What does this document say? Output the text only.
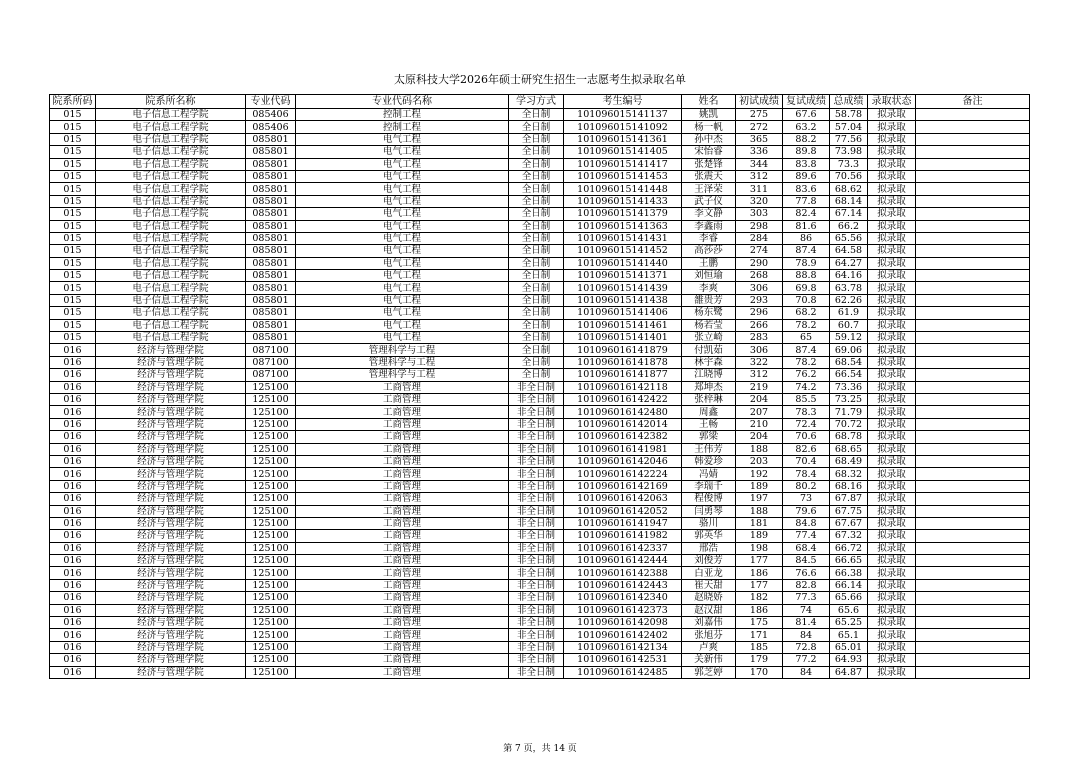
太原科技大学2026年硕士研究生招生一志愿考生拟录取名单
院系所码	院系所名称	专业代码	专业代码名称	学习方式	考生编号	姓名	初试成绩	复试成绩	总成绩	录取状态	备注
015	电子信息工程学院	085406	控制工程	全日制	101096015141137	姚凯	275	67.6	58.78	拟录取	
015	电子信息工程学院	085406	控制工程	全日制	101096015141092	杨一帆	272	63.2	57.04	拟录取	
015	电子信息工程学院	085801	电气工程	全日制	101096015141361	孙中杰	365	88.2	77.56	拟录取	
015	电子信息工程学院	085801	电气工程	全日制	101096015141405	宋怡睿	336	89.8	73.98	拟录取	
015	电子信息工程学院	085801	电气工程	全日制	101096015141417	张楚锋	344	83.8	73.3	拟录取	
015	电子信息工程学院	085801	电气工程	全日制	101096015141453	张震天	312	89.6	70.56	拟录取	
015	电子信息工程学院	085801	电气工程	全日制	101096015141448	王泽荣	311	83.6	68.62	拟录取	
015	电子信息工程学院	085801	电气工程	全日制	101096015141433	武子仪	320	77.8	68.14	拟录取	
015	电子信息工程学院	085801	电气工程	全日制	101096015141379	李文静	303	82.4	67.14	拟录取	
015	电子信息工程学院	085801	电气工程	全日制	101096015141363	李鑫雨	298	81.6	66.2	拟录取	
015	电子信息工程学院	085801	电气工程	全日制	101096015141431	李睿	284	86	65.56	拟录取	
015	电子信息工程学院	085801	电气工程	全日制	101096015141452	高莎莎	274	87.4	64.58	拟录取	
015	电子信息工程学院	085801	电气工程	全日制	101096015141440	王鹏	290	78.9	64.27	拟录取	
015	电子信息工程学院	085801	电气工程	全日制	101096015141371	刘恒瑜	268	88.8	64.16	拟录取	
015	电子信息工程学院	085801	电气工程	全日制	101096015141439	李爽	306	69.8	63.78	拟录取	
015	电子信息工程学院	085801	电气工程	全日制	101096015141438	雒贵芳	293	70.8	62.26	拟录取	
015	电子信息工程学院	085801	电气工程	全日制	101096015141406	杨东鹭	296	68.2	61.9	拟录取	
015	电子信息工程学院	085801	电气工程	全日制	101096015141461	杨若莹	266	78.2	60.7	拟录取	
015	电子信息工程学院	085801	电气工程	全日制	101096015141401	张立崎	283	65	59.12	拟录取	
016	经济与管理学院	087100	管理科学与工程	全日制	101096016141879	付凯茹	306	87.4	69.06	拟录取	
016	经济与管理学院	087100	管理科学与工程	全日制	101096016141878	林宇森	322	78.2	68.54	拟录取	
016	经济与管理学院	087100	管理科学与工程	全日制	101096016141877	江晓博	312	76.2	66.54	拟录取	
016	经济与管理学院	125100	工商管理	非全日制	101096016142118	郑坤杰	219	74.2	73.36	拟录取	
016	经济与管理学院	125100	工商管理	非全日制	101096016142422	张梓琳	204	85.5	73.25	拟录取	
016	经济与管理学院	125100	工商管理	非全日制	101096016142480	周鑫	207	78.3	71.79	拟录取	
016	经济与管理学院	125100	工商管理	非全日制	101096016142014	王畅	210	72.4	70.72	拟录取	
016	经济与管理学院	125100	工商管理	非全日制	101096016142382	郭梁	204	70.6	68.78	拟录取	
016	经济与管理学院	125100	工商管理	非全日制	101096016141981	王伟芳	188	82.6	68.65	拟录取	
016	经济与管理学院	125100	工商管理	非全日制	101096016142046	韩爱珍	203	70.4	68.49	拟录取	
016	经济与管理学院	125100	工商管理	非全日制	101096016142224	冯婧	192	78.4	68.32	拟录取	
016	经济与管理学院	125100	工商管理	非全日制	101096016142169	李瑞千	189	80.2	68.16	拟录取	
016	经济与管理学院	125100	工商管理	非全日制	101096016142063	程俊博	197	73	67.87	拟录取	
016	经济与管理学院	125100	工商管理	非全日制	101096016142052	闫勇琴	188	79.6	67.75	拟录取	
016	经济与管理学院	125100	工商管理	非全日制	101096016141947	骆川	181	84.8	67.67	拟录取	
016	经济与管理学院	125100	工商管理	非全日制	101096016141982	郭英华	189	77.4	67.32	拟录取	
016	经济与管理学院	125100	工商管理	非全日制	101096016142337	邢浩	198	68.4	66.72	拟录取	
016	经济与管理学院	125100	工商管理	非全日制	101096016142444	刘俊芳	177	84.5	66.65	拟录取	
016	经济与管理学院	125100	工商管理	非全日制	101096016142388	白亚龙	186	76.6	66.38	拟录取	
016	经济与管理学院	125100	工商管理	非全日制	101096016142443	崔天甜	177	82.8	66.14	拟录取	
016	经济与管理学院	125100	工商管理	非全日制	101096016142340	赵晓娇	182	77.3	65.66	拟录取	
016	经济与管理学院	125100	工商管理	非全日制	101096016142373	赵汉甜	186	74	65.6	拟录取	
016	经济与管理学院	125100	工商管理	非全日制	101096016142098	刘嘉伟	175	81.4	65.25	拟录取	
016	经济与管理学院	125100	工商管理	非全日制	101096016142402	张旭芬	171	84	65.1	拟录取	
016	经济与管理学院	125100	工商管理	非全日制	101096016142134	卢爽	185	72.8	65.01	拟录取	
016	经济与管理学院	125100	工商管理	非全日制	101096016142531	关新伟	179	77.2	64.93	拟录取	
016	经济与管理学院	125100	工商管理	非全日制	101096016142485	郭芝婷	170	84	64.87	拟录取	
第 7 页，共 14 页
